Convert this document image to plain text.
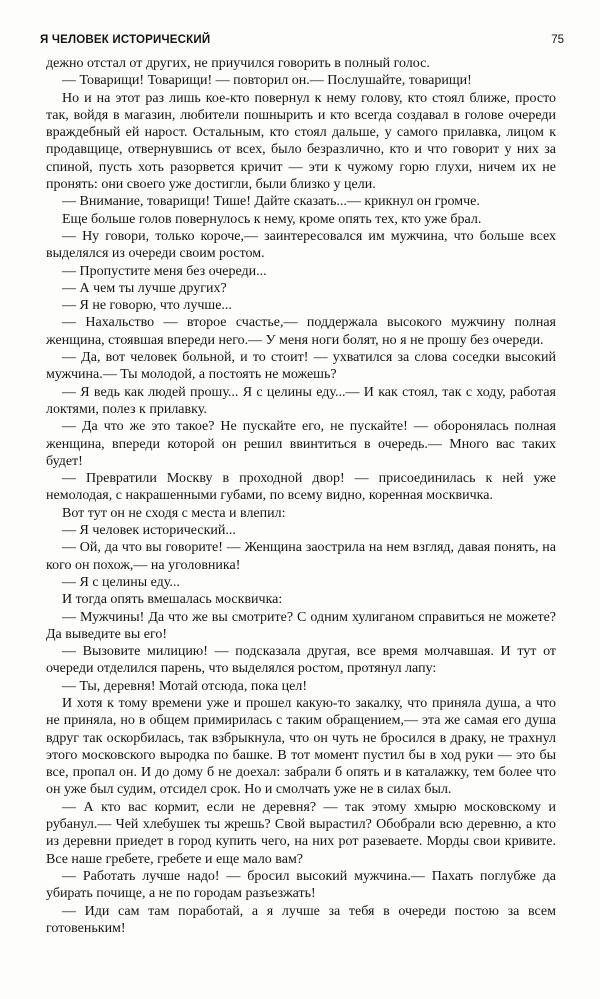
Я ЧЕЛОВЕК ИСТОРИЧЕСКИЙ	75

дежно отстал от других, не приучился говорить в полный голос.

— Товарищи! Товарищи! — повторил он.— Послушайте, товарищи!

Но и на этот раз лишь кое-кто повернул к нему голову, кто стоял ближе, просто так, войдя в магазин, любители пошнырить и кто всегда создавал в голове очереди враждебный ей нарост. Остальным, кто стоял дальше, у самого прилавка, лицом к продавщице, отвернувшись от всех, было безразлично, кто и что говорит у них за спиной, пусть хоть разорвется кричит — эти к чужому горю глухи, ничем их не пронять: они своего уже достигли, были близко у цели.

— Внимание, товарищи! Тише! Дайте сказать...— крикнул он громче.

Еще больше голов повернулось к нему, кроме опять тех, кто уже брал.

— Ну говори, только короче,— заинтересовался им мужчина, что больше всех выделялся из очереди своим ростом.

— Пропустите меня без очереди...

— А чем ты лучше других?

— Я не говорю, что лучше...

— Нахальство — второе счастье,— поддержала высокого мужчину полная женщина, стоявшая впереди него.— У меня ноги болят, но я не прошу без очереди.

— Да, вот человек больной, и то стоит! — ухватился за слова соседки высокий мужчина.— Ты молодой, а постоять не можешь?

— Я ведь как людей прошу... Я с целины еду...— И как стоял, так с ходу, работая локтями, полез к прилавку.

— Да что же это такое? Не пускайте его, не пускайте! — оборонялась полная женщина, впереди которой он решил ввинтиться в очередь.— Много вас таких будет!

— Превратили Москву в проходной двор! — присоединилась к ней уже немолодая, с накрашенными губами, по всему видно, коренная москвичка.

Вот тут он не сходя с места и влепил:

— Я человек исторический...

— Ой, да что вы говорите! — Женщина заострила на нем взгляд, давая понять, на кого он похож,— на уголовника!

— Я с целины еду...

И тогда опять вмешалась москвичка:

— Мужчины! Да что же вы смотрите? С одним хулиганом справиться не можете? Да выведите вы его!

— Вызовите милицию! — подсказала другая, все время молчавшая. И тут от очереди отделился парень, что выделялся ростом, протянул лапу:

— Ты, деревня! Мотай отсюда, пока цел!

И хотя к тому времени уже и прошел какую-то закалку, что приняла душа, а что не приняла, но в общем примирилась с таким обращением,— эта же самая его душа вдруг так оскорбилась, так взбрыкнула, что он чуть не бросился в драку, не трахнул этого московского выродка по башке. В тот момент пустил бы в ход руки — это бы все, пропал он. И до дому б не доехал: забрали б опять и в каталажку, тем более что он уже был судим, отсидел срок. Но и смолчать уже не в силах был.

— А кто вас кормит, если не деревня? — так этому хмырю московскому и рубанул.— Чей хлебушек ты жрешь? Свой вырастил? Обобрали всю деревню, а кто из деревни приедет в город купить чего, на них рот разеваете. Морды свои кривите. Все наше гребете, гребете и еще мало вам?

— Работать лучше надо! — бросил высокий мужчина.— Пахать поглубже да убирать почище, а не по городам разъезжать!

— Иди сам там поработай, а я лучше за тебя в очереди постою за всем готовеньким!
